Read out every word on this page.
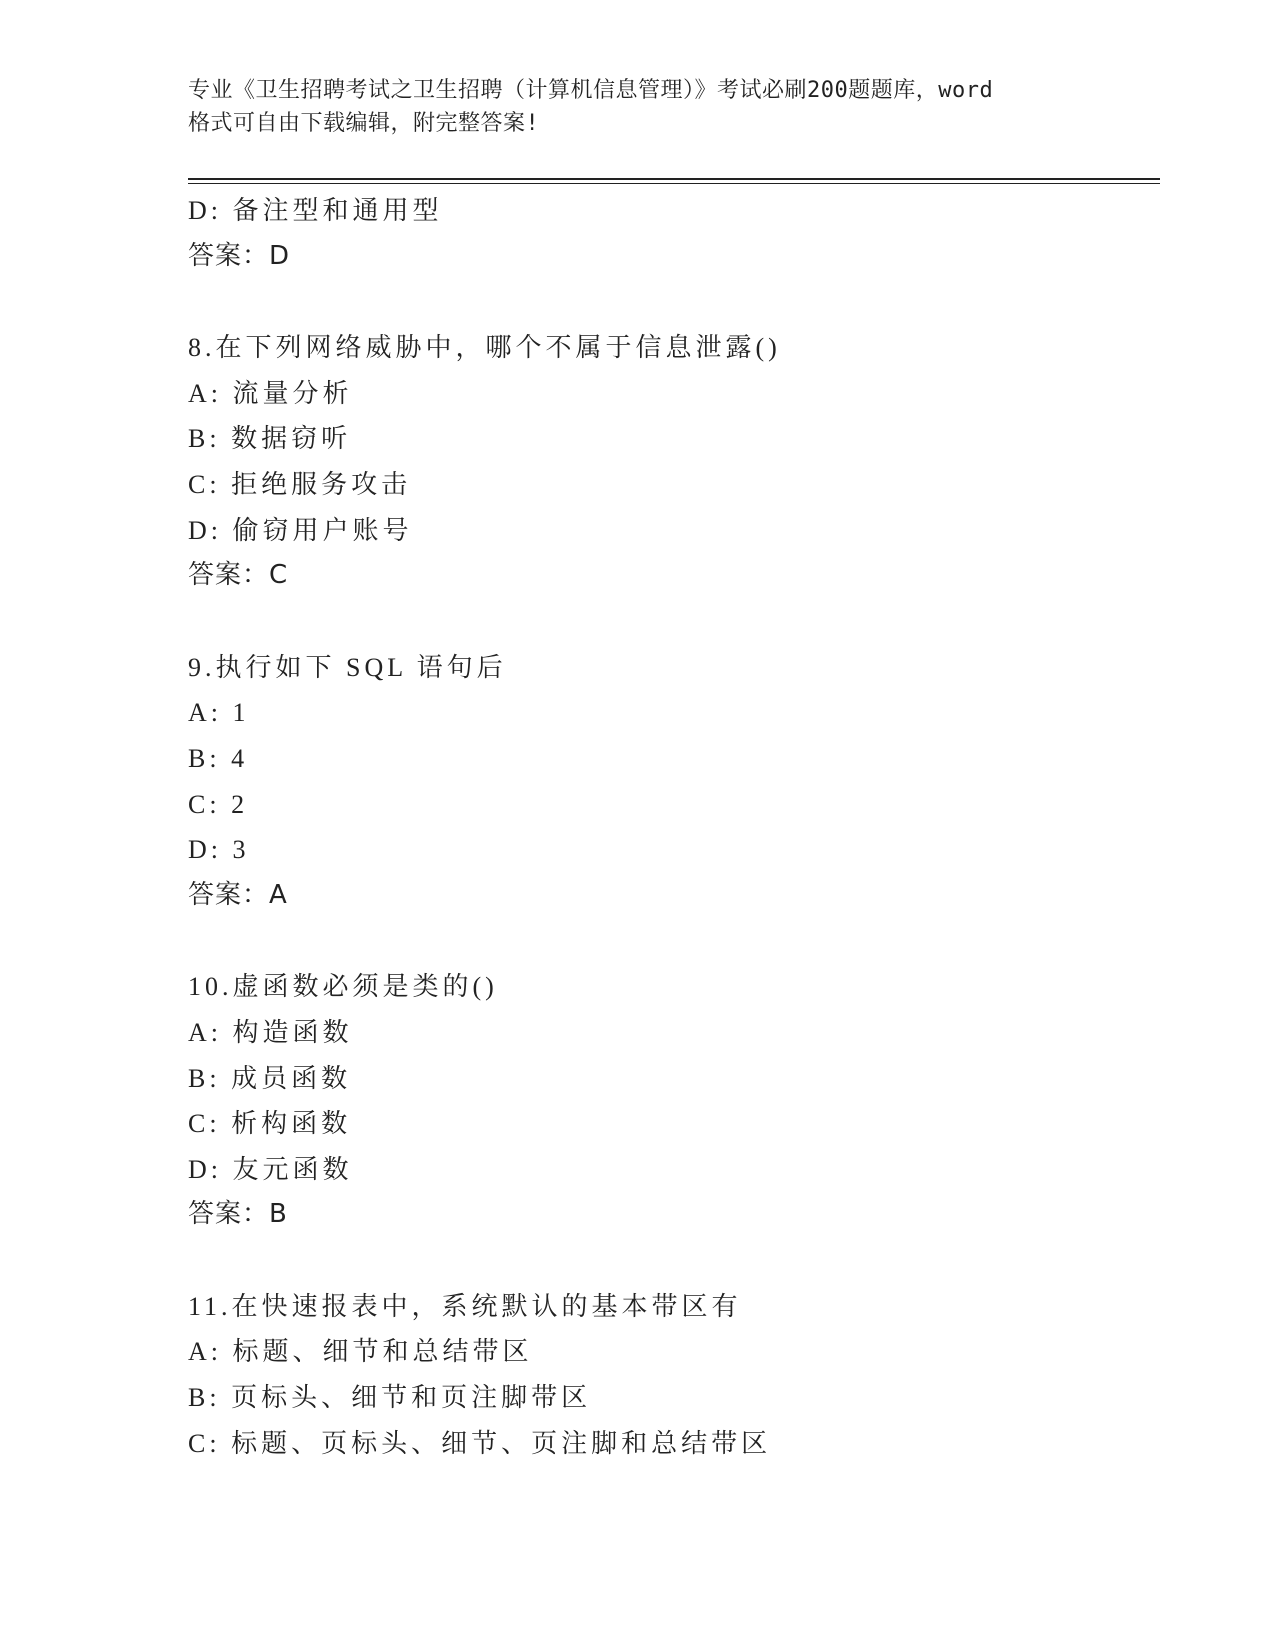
专业《卫生招聘考试之卫生招聘（计算机信息管理）》考试必刷200题题库，word
格式可自由下载编辑，附完整答案!
D: 备注型和通用型
答案：D
8.在下列网络威胁中，哪个不属于信息泄露()
A: 流量分析
B: 数据窃听
C: 拒绝服务攻击
D: 偷窃用户账号
答案：C
9.执行如下 SQL 语句后
A: 1
B: 4
C: 2
D: 3
答案：A
10.虚函数必须是类的()
A: 构造函数
B: 成员函数
C: 析构函数
D: 友元函数
答案：B
11.在快速报表中，系统默认的基本带区有
A: 标题、细节和总结带区
B: 页标头、细节和页注脚带区
C: 标题、页标头、细节、页注脚和总结带区
